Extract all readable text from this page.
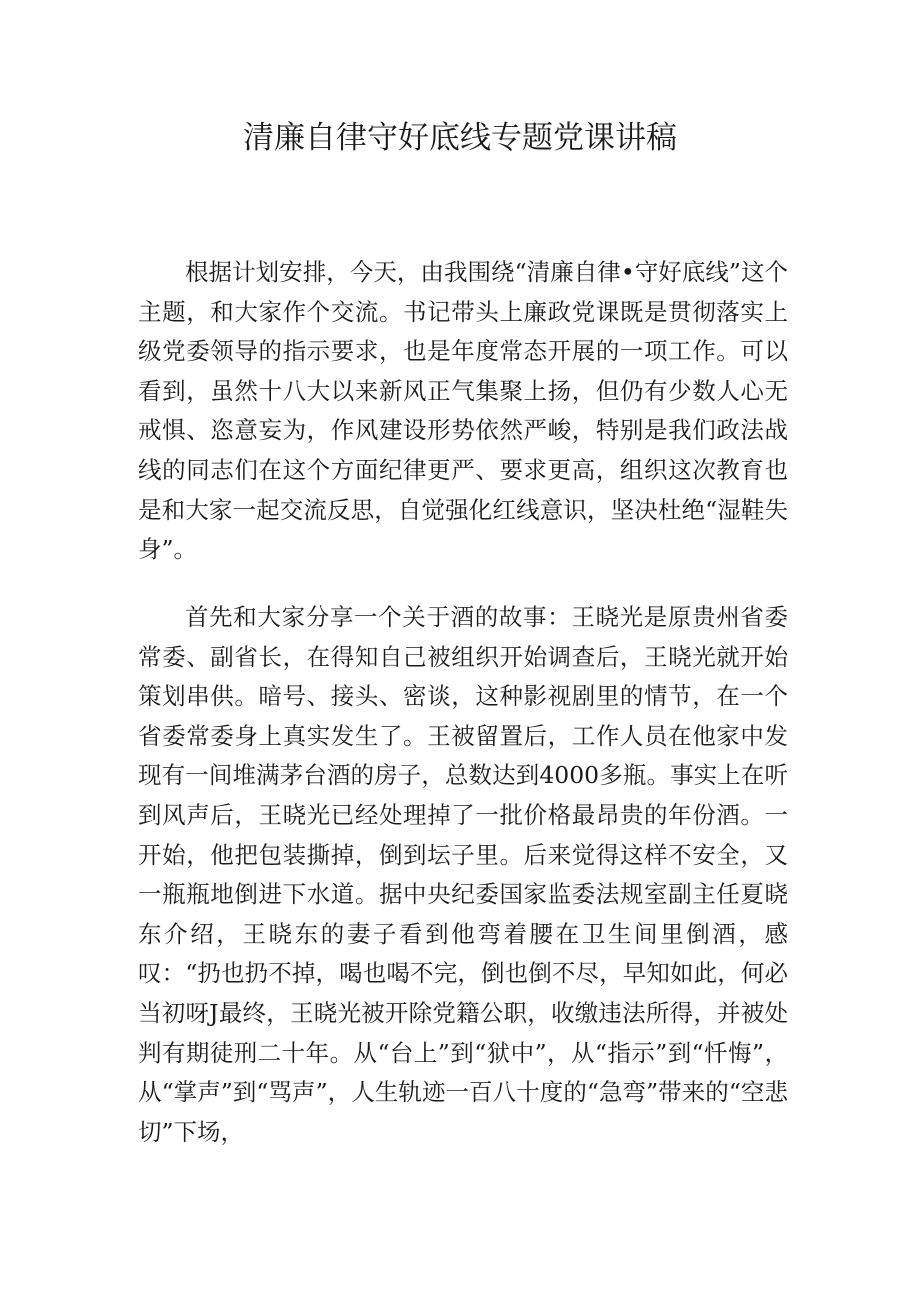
清廉自律守好底线专题党课讲稿

根据计划安排，今天，由我围绕“清廉自律•守好底线”这个主题，和大家作个交流。书记带头上廉政党课既是贯彻落实上级党委领导的指示要求，也是年度常态开展的一项工作。可以看到，虽然十八大以来新风正气集聚上扬，但仍有少数人心无戒惧、恣意妄为，作风建设形势依然严峻，特别是我们政法战线的同志们在这个方面纪律更严、要求更高，组织这次教育也是和大家一起交流反思，自觉强化红线意识，坚决杜绝“湿鞋失身”。

首先和大家分享一个关于酒的故事：王晓光是原贵州省委常委、副省长，在得知自己被组织开始调查后，王晓光就开始策划串供。暗号、接头、密谈，这种影视剧里的情节，在一个省委常委身上真实发生了。王被留置后，工作人员在他家中发现有一间堆满茅台酒的房子，总数达到4000多瓶。事实上在听到风声后，王晓光已经处理掉了一批价格最昂贵的年份酒。一开始，他把包装撕掉，倒到坛子里。后来觉得这样不安全，又一瓶瓶地倒进下水道。据中央纪委国家监委法规室副主任夏晓东介绍，王晓东的妻子看到他弯着腰在卫生间里倒酒，感叹：“扔也扔不掉，喝也喝不完，倒也倒不尽，早知如此，何必当初呀J最终，王晓光被开除党籍公职，收缴违法所得，并被处判有期徒刑二十年。从“台上”到“狱中”，从“指示”到“忏悔”，从“掌声”到“骂声”，人生轨迹一百八十度的“急弯”带来的“空悲切”下场，
